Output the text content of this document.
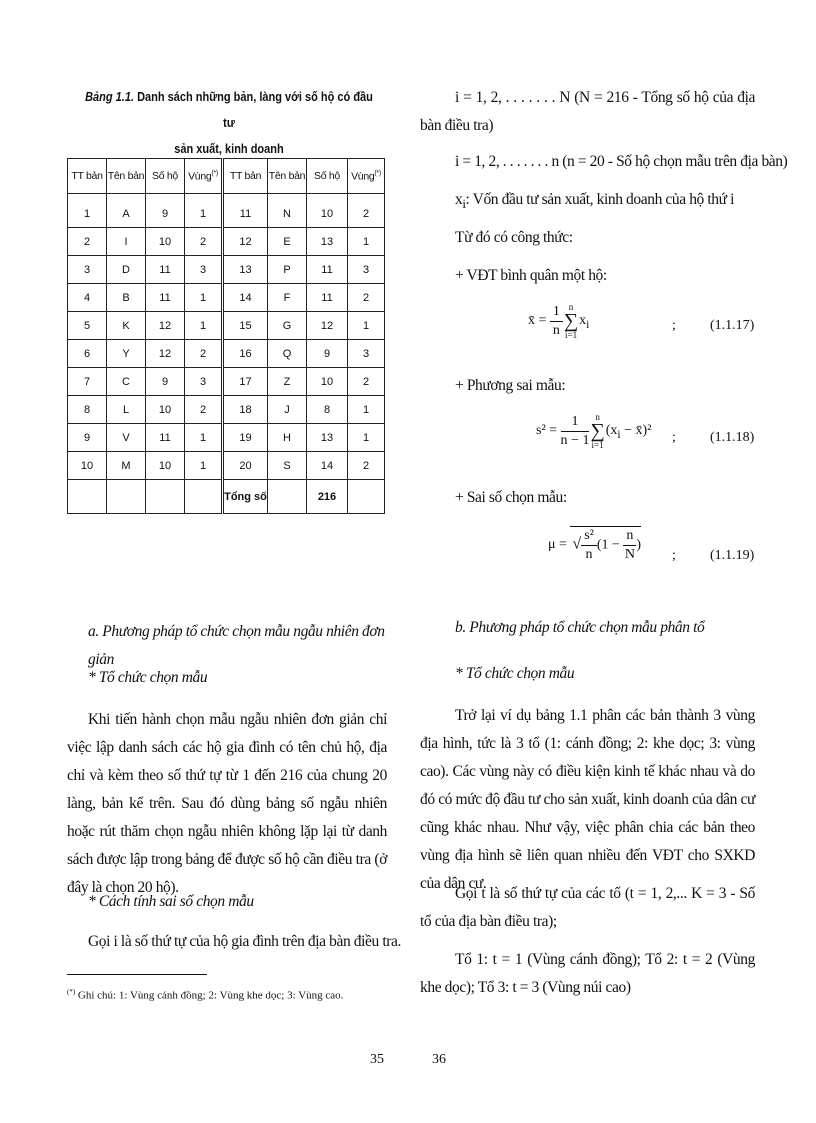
Bảng 1.1. Danh sách những bản, làng với số hộ có đầu tư
sản xuất, kinh doanh
TT bản	Tên bản	Số hộ	Vùng(*)	TT bản	Tên bản	Số hộ	Vùng(*)
1	A	9	1	11	N	10	2
2	I	10	2	12	E	13	1
3	D	11	3	13	P	11	3
4	B	11	1	14	F	11	2
5	K	12	1	15	G	12	1
6	Y	12	2	16	Q	9	3
7	C	9	3	17	Z	10	2
8	L	10	2	18	J	8	1
9	V	11	1	19	H	13	1
10	M	10	1	20	S	14	2
				Tổng số		216	
a. Phương pháp tổ chức chọn mẫu ngẫu nhiên đơn giản
* Tổ chức chọn mẫu
Khi tiến hành chọn mẫu ngẫu nhiên đơn giản chỉ việc lập danh sách các hộ gia đình có tên chủ hộ, địa chỉ và kèm theo số thứ tự từ 1 đến 216 của chung 20 làng, bản kể trên. Sau đó dùng bảng số ngẫu nhiên hoặc rút thăm chọn ngẫu nhiên không lặp lại từ danh sách được lập trong bảng để được số hộ cần điều tra (ở đây là chọn 20 hộ).
* Cách tính sai số chọn mẫu
Gọi i là số thứ tự của hộ gia đình trên địa bàn điều tra.
(*) Ghi chú: 1: Vùng cánh đồng; 2: Vùng khe dọc; 3: Vùng cao.
35
i = 1, 2, . . . . . . . N (N = 216 - Tổng số hộ của địa bàn điều tra)
i = 1, 2, . . . . . . . n (n = 20 - Số hộ chọn mẫu trên địa bàn)
$x_i$: Vốn đầu tư sản xuất, kinh doanh của hộ thứ i
Từ đó có công thức:
+ VĐT bình quân một hộ:
x̄ = $\frac{1}{n}$ n
∑
i=1
$x_i$	; (1.1.17)
+ Phương sai mẫu:
$s^2 = \frac{1}{n - 1}$ n
∑
i=1
($x_i$ − x̄)² ; (1.1.18)
+ Sai số chọn mẫu:
μ = √ $\frac{\text{s²}}{n} (1 - \frac{n}{N}$ )
; (1.1.19)
b. Phương pháp tổ chức chọn mẫu phân tổ
* Tổ chức chọn mẫu
Trở lại ví dụ bảng 1.1 phân các bản thành 3 vùng địa hình, tức là 3 tổ (1: cánh đồng; 2: khe dọc; 3: vùng cao). Các vùng này có điều kiện kinh tế khác nhau và do đó có mức độ đầu tư cho sản xuất, kinh doanh của dân cư cũng khác nhau. Như vậy, việc phân chia các bản theo vùng địa hình sẽ liên quan nhiều đến VĐT cho SXKD của dân cư.
Gọi t là số thứ tự của các tổ (t = 1, 2,... K = 3 - Số tổ của địa bàn điều tra);
Tổ 1: t = 1 (Vùng cánh đồng); Tổ 2: t = 2 (Vùng khe dọc); Tổ 3: t = 3 (Vùng núi cao)
36
